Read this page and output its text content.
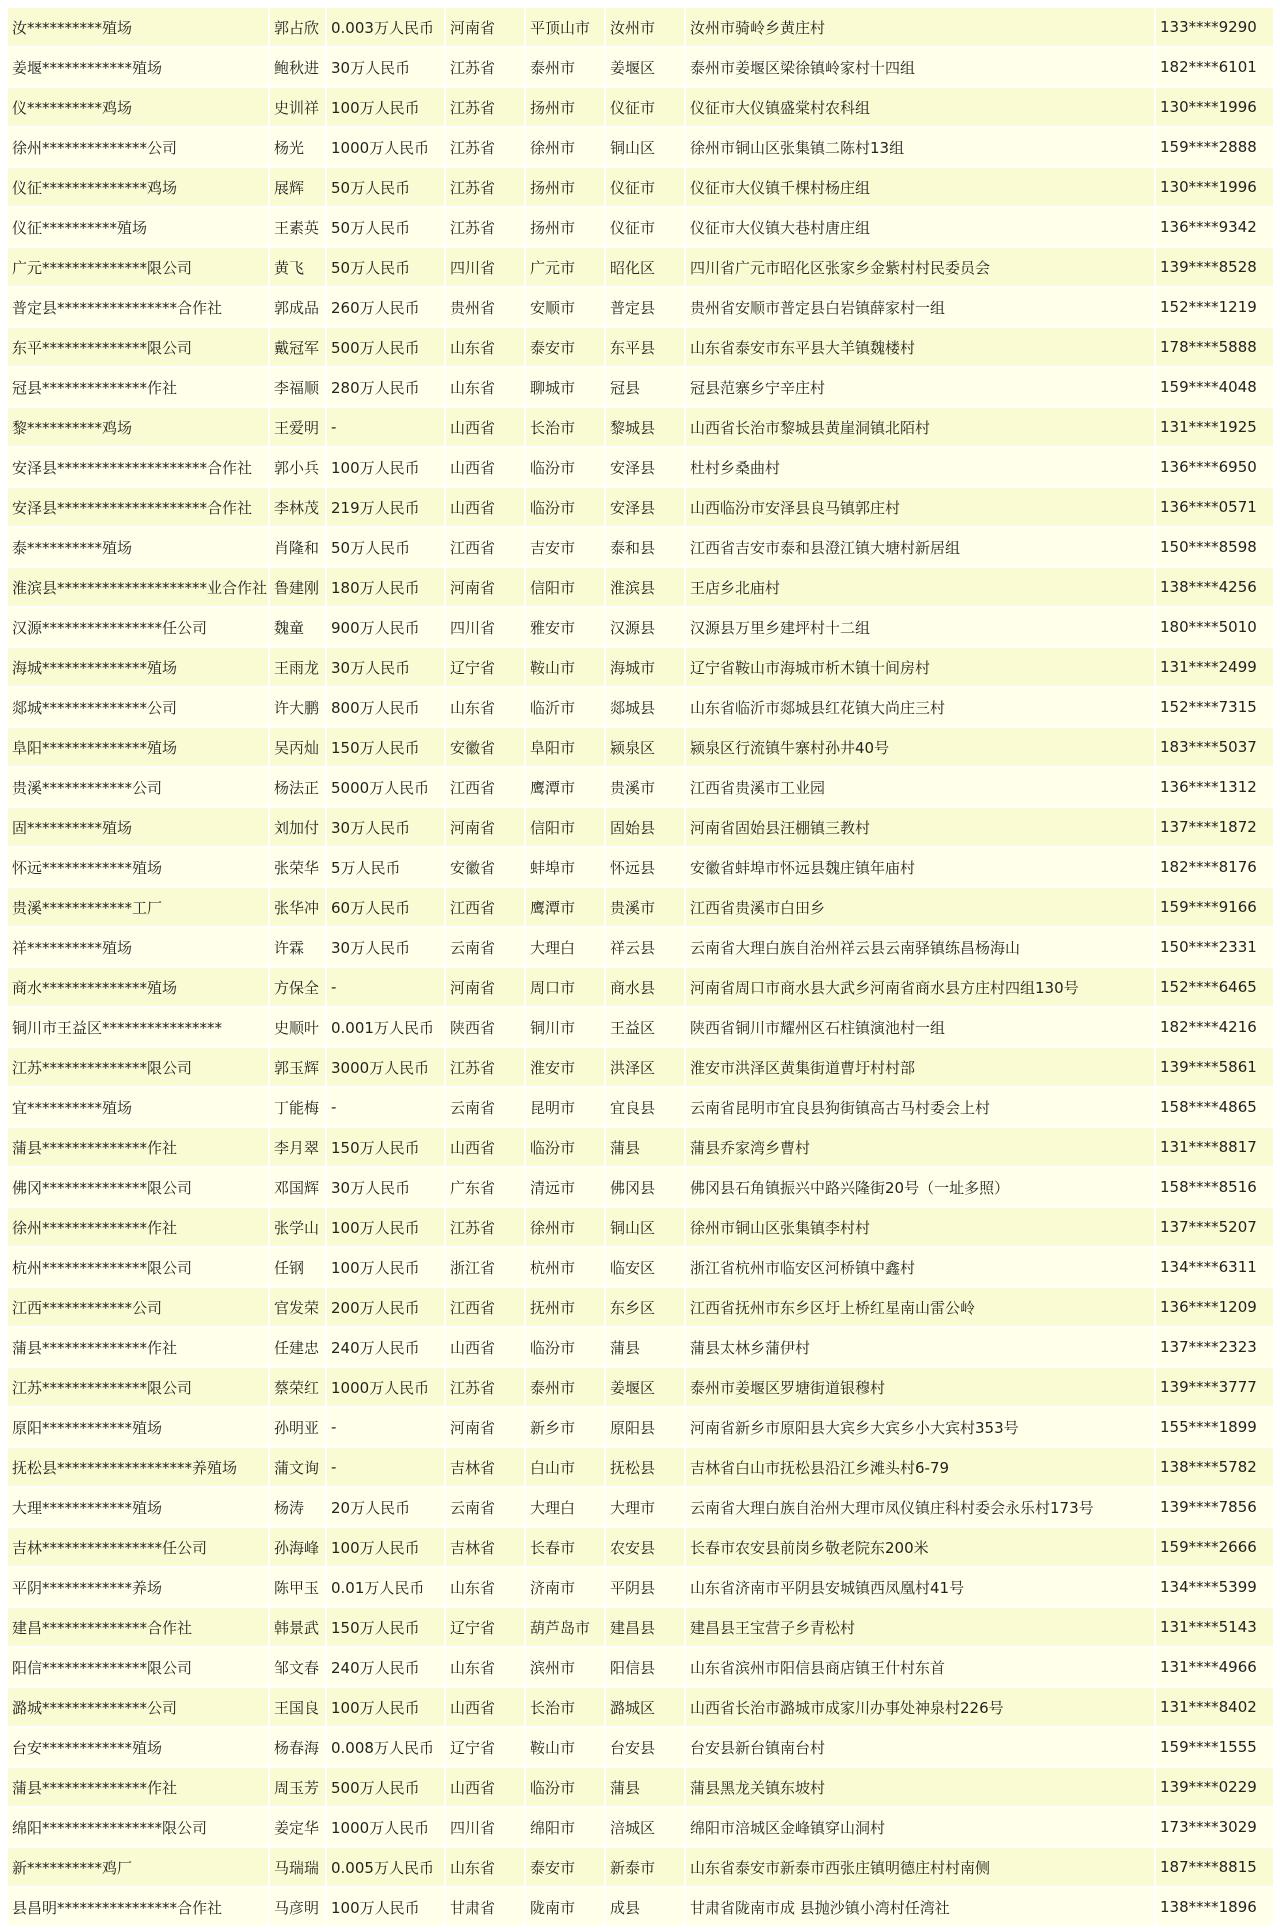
汝**********殖场	郭占欣	0.003万人民币	河南省	平顶山市	汝州市	汝州市骑岭乡黄庄村	133****9290
姜堰************殖场	鲍秋进	30万人民币	江苏省	泰州市	姜堰区	泰州市姜堰区梁徐镇岭家村十四组	182****6101
仪**********鸡场	史训祥	100万人民币	江苏省	扬州市	仪征市	仪征市大仪镇盛棠村农科组	130****1996
徐州**************公司	杨光	1000万人民币	江苏省	徐州市	铜山区	徐州市铜山区张集镇二陈村13组	159****2888
仪征**************鸡场	展辉	50万人民币	江苏省	扬州市	仪征市	仪征市大仪镇千棵村杨庄组	130****1996
仪征**********殖场	王素英	50万人民币	江苏省	扬州市	仪征市	仪征市大仪镇大巷村唐庄组	136****9342
广元**************限公司	黄飞	50万人民币	四川省	广元市	昭化区	四川省广元市昭化区张家乡金紫村村民委员会	139****8528
普定县****************合作社	郭成品	260万人民币	贵州省	安顺市	普定县	贵州省安顺市普定县白岩镇薛家村一组	152****1219
东平**************限公司	戴冠军	500万人民币	山东省	泰安市	东平县	山东省泰安市东平县大羊镇魏楼村	178****5888
冠县**************作社	李福顺	280万人民币	山东省	聊城市	冠县	冠县范寨乡宁辛庄村	159****4048
黎**********鸡场	王爱明	-	山西省	长治市	黎城县	山西省长治市黎城县黄崖洞镇北陌村	131****1925
安泽县********************合作社	郭小兵	100万人民币	山西省	临汾市	安泽县	杜村乡桑曲村	136****6950
安泽县********************合作社	李林茂	219万人民币	山西省	临汾市	安泽县	山西临汾市安泽县良马镇郭庄村	136****0571
泰**********殖场	肖隆和	50万人民币	江西省	吉安市	泰和县	江西省吉安市泰和县澄江镇大塘村新居组	150****8598
淮滨县********************业合作社	鲁建刚	180万人民币	河南省	信阳市	淮滨县	王店乡北庙村	138****4256
汉源****************任公司	魏童	900万人民币	四川省	雅安市	汉源县	汉源县万里乡建坪村十二组	180****5010
海城**************殖场	王雨龙	30万人民币	辽宁省	鞍山市	海城市	辽宁省鞍山市海城市析木镇十间房村	131****2499
郯城**************公司	许大鹏	800万人民币	山东省	临沂市	郯城县	山东省临沂市郯城县红花镇大尚庄三村	152****7315
阜阳**************殖场	吴丙灿	150万人民币	安徽省	阜阳市	颍泉区	颍泉区行流镇牛寨村孙井40号	183****5037
贵溪************公司	杨法正	5000万人民币	江西省	鹰潭市	贵溪市	江西省贵溪市工业园	136****1312
固**********殖场	刘加付	30万人民币	河南省	信阳市	固始县	河南省固始县汪棚镇三教村	137****1872
怀远************殖场	张荣华	5万人民币	安徽省	蚌埠市	怀远县	安徽省蚌埠市怀远县魏庄镇年庙村	182****8176
贵溪************工厂	张华冲	60万人民币	江西省	鹰潭市	贵溪市	江西省贵溪市白田乡	159****9166
祥**********殖场	许霖	30万人民币	云南省	大理白	祥云县	云南省大理白族自治州祥云县云南驿镇练昌杨海山	150****2331
商水**************殖场	方保全	-	河南省	周口市	商水县	河南省周口市商水县大武乡河南省商水县方庄村四组130号	152****6465
铜川市王益区****************	史顺叶	0.001万人民币	陕西省	铜川市	王益区	陕西省铜川市耀州区石柱镇演池村一组	182****4216
江苏**************限公司	郭玉辉	3000万人民币	江苏省	淮安市	洪泽区	淮安市洪泽区黄集街道曹圩村村部	139****5861
宜**********殖场	丁能梅	-	云南省	昆明市	宜良县	云南省昆明市宜良县狗街镇高古马村委会上村	158****4865
蒲县**************作社	李月翠	150万人民币	山西省	临汾市	蒲县	蒲县乔家湾乡曹村	131****8817
佛冈**************限公司	邓国辉	30万人民币	广东省	清远市	佛冈县	佛冈县石角镇振兴中路兴隆街20号（一址多照）	158****8516
徐州**************作社	张学山	100万人民币	江苏省	徐州市	铜山区	徐州市铜山区张集镇李村村	137****5207
杭州**************限公司	任钢	100万人民币	浙江省	杭州市	临安区	浙江省杭州市临安区河桥镇中鑫村	134****6311
江西************公司	官发荣	200万人民币	江西省	抚州市	东乡区	江西省抚州市东乡区圩上桥红星南山雷公岭	136****1209
蒲县**************作社	任建忠	240万人民币	山西省	临汾市	蒲县	蒲县太林乡蒲伊村	137****2323
江苏**************限公司	蔡荣红	1000万人民币	江苏省	泰州市	姜堰区	泰州市姜堰区罗塘街道银穆村	139****3777
原阳************殖场	孙明亚	-	河南省	新乡市	原阳县	河南省新乡市原阳县大宾乡大宾乡小大宾村353号	155****1899
抚松县******************养殖场	蒲文询	-	吉林省	白山市	抚松县	吉林省白山市抚松县沿江乡滩头村6-79	138****5782
大理************殖场	杨涛	20万人民币	云南省	大理白	大理市	云南省大理白族自治州大理市凤仪镇庄科村委会永乐村173号	139****7856
吉林****************任公司	孙海峰	100万人民币	吉林省	长春市	农安县	长春市农安县前岗乡敬老院东200米	159****2666
平阴************养场	陈甲玉	0.01万人民币	山东省	济南市	平阴县	山东省济南市平阴县安城镇西凤凰村41号	134****5399
建昌**************合作社	韩景武	150万人民币	辽宁省	葫芦岛市	建昌县	建昌县王宝营子乡青松村	131****5143
阳信**************限公司	邹文春	240万人民币	山东省	滨州市	阳信县	山东省滨州市阳信县商店镇王什村东首	131****4966
潞城**************公司	王国良	100万人民币	山西省	长治市	潞城区	山西省长治市潞城市成家川办事处神泉村226号	131****8402
台安************殖场	杨春海	0.008万人民币	辽宁省	鞍山市	台安县	台安县新台镇南台村	159****1555
蒲县**************作社	周玉芳	500万人民币	山西省	临汾市	蒲县	蒲县黑龙关镇东坡村	139****0229
绵阳****************限公司	姜定华	1000万人民币	四川省	绵阳市	涪城区	绵阳市涪城区金峰镇穿山洞村	173****3029
新**********鸡厂	马瑞瑞	0.005万人民币	山东省	泰安市	新泰市	山东省泰安市新泰市西张庄镇明德庄村村南侧	187****8815
县昌明****************合作社	马彦明	100万人民币	甘肃省	陇南市	成县	甘肃省陇南市成 县抛沙镇小湾村任湾社	138****1896
